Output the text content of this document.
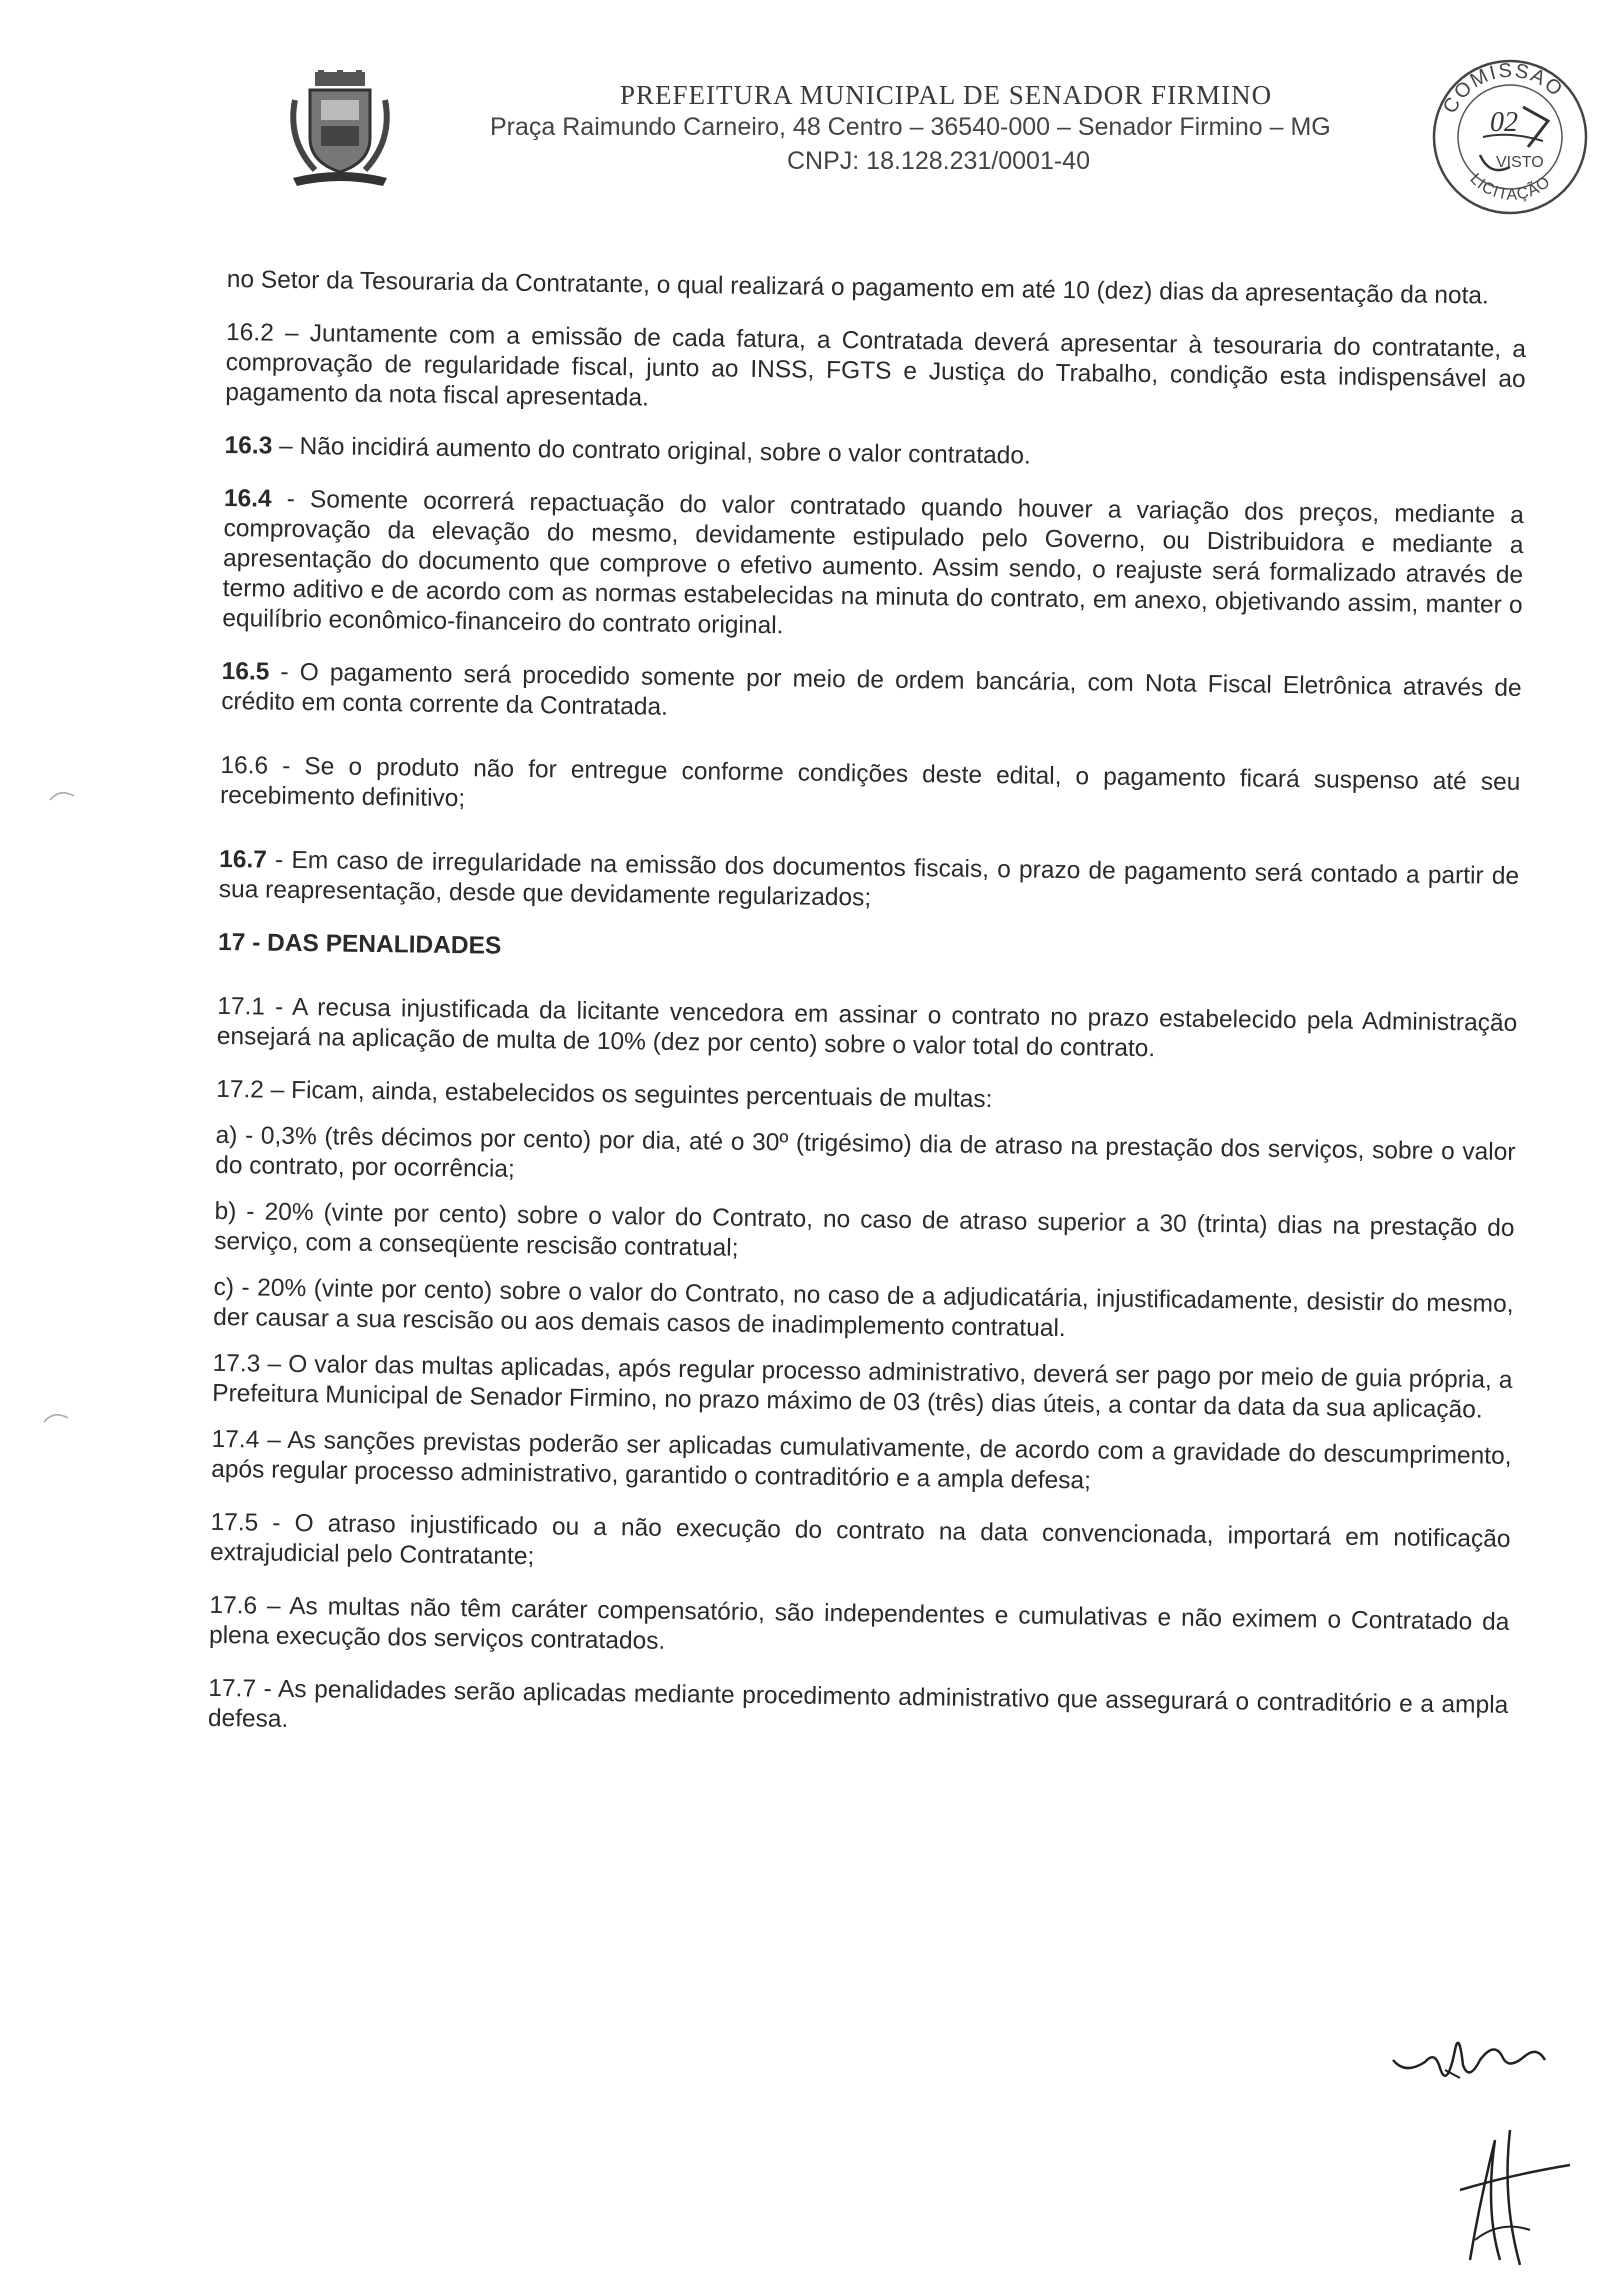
PREFEITURA MUNICIPAL DE SENADOR FIRMINO
Praça Raimundo Carneiro, 48 Centro – 36540-000 – Senador Firmino – MG
CNPJ: 18.128.231/0001-40
COMISSÃO
02
VISTO
LICITAÇÃO

no Setor da Tesouraria da Contratante, o qual realizará o pagamento em até 10 (dez) dias da apresentação da nota.

16.2 – Juntamente com a emissão de cada fatura, a Contratada deverá apresentar à tesouraria do contratante, a comprovação de regularidade fiscal, junto ao INSS, FGTS e Justiça do Trabalho, condição esta indispensável ao pagamento da nota fiscal apresentada.

16.3 – Não incidirá aumento do contrato original, sobre o valor contratado.

16.4 - Somente ocorrerá repactuação do valor contratado quando houver a variação dos preços, mediante a comprovação da elevação do mesmo, devidamente estipulado pelo Governo, ou Distribuidora e mediante a apresentação do documento que comprove o efetivo aumento. Assim sendo, o reajuste será formalizado através de termo aditivo e de acordo com as normas estabelecidas na minuta do contrato, em anexo, objetivando assim, manter o equilíbrio econômico-financeiro do contrato original.

16.5 - O pagamento será procedido somente por meio de ordem bancária, com Nota Fiscal Eletrônica através de crédito em conta corrente da Contratada.

16.6 - Se o produto não for entregue conforme condições deste edital, o pagamento ficará suspenso até seu recebimento definitivo;

16.7 - Em caso de irregularidade na emissão dos documentos fiscais, o prazo de pagamento será contado a partir de sua reapresentação, desde que devidamente regularizados;

17 - DAS PENALIDADES

17.1 - A recusa injustificada da licitante vencedora em assinar o contrato no prazo estabelecido pela Administração ensejará na aplicação de multa de 10% (dez por cento) sobre o valor total do contrato.

17.2 – Ficam, ainda, estabelecidos os seguintes percentuais de multas:

a) - 0,3% (três décimos por cento) por dia, até o 30º (trigésimo) dia de atraso na prestação dos serviços, sobre o valor do contrato, por ocorrência;

b) - 20% (vinte por cento) sobre o valor do Contrato, no caso de atraso superior a 30 (trinta) dias na prestação do serviço, com a conseqüente rescisão contratual;

c) - 20% (vinte por cento) sobre o valor do Contrato, no caso de a adjudicatária, injustificadamente, desistir do mesmo, der causar a sua rescisão ou aos demais casos de inadimplemento contratual.

17.3 – O valor das multas aplicadas, após regular processo administrativo, deverá ser pago por meio de guia própria, a Prefeitura Municipal de Senador Firmino, no prazo máximo de 03 (três) dias úteis, a contar da data da sua aplicação.

17.4 – As sanções previstas poderão ser aplicadas cumulativamente, de acordo com a gravidade do descumprimento, após regular processo administrativo, garantido o contraditório e a ampla defesa;

17.5 - O atraso injustificado ou a não execução do contrato na data convencionada, importará em notificação extrajudicial pelo Contratante;

17.6 – As multas não têm caráter compensatório, são independentes e cumulativas e não eximem o Contratado da plena execução dos serviços contratados.

17.7 - As penalidades serão aplicadas mediante procedimento administrativo que assegurará o contraditório e a ampla defesa.
